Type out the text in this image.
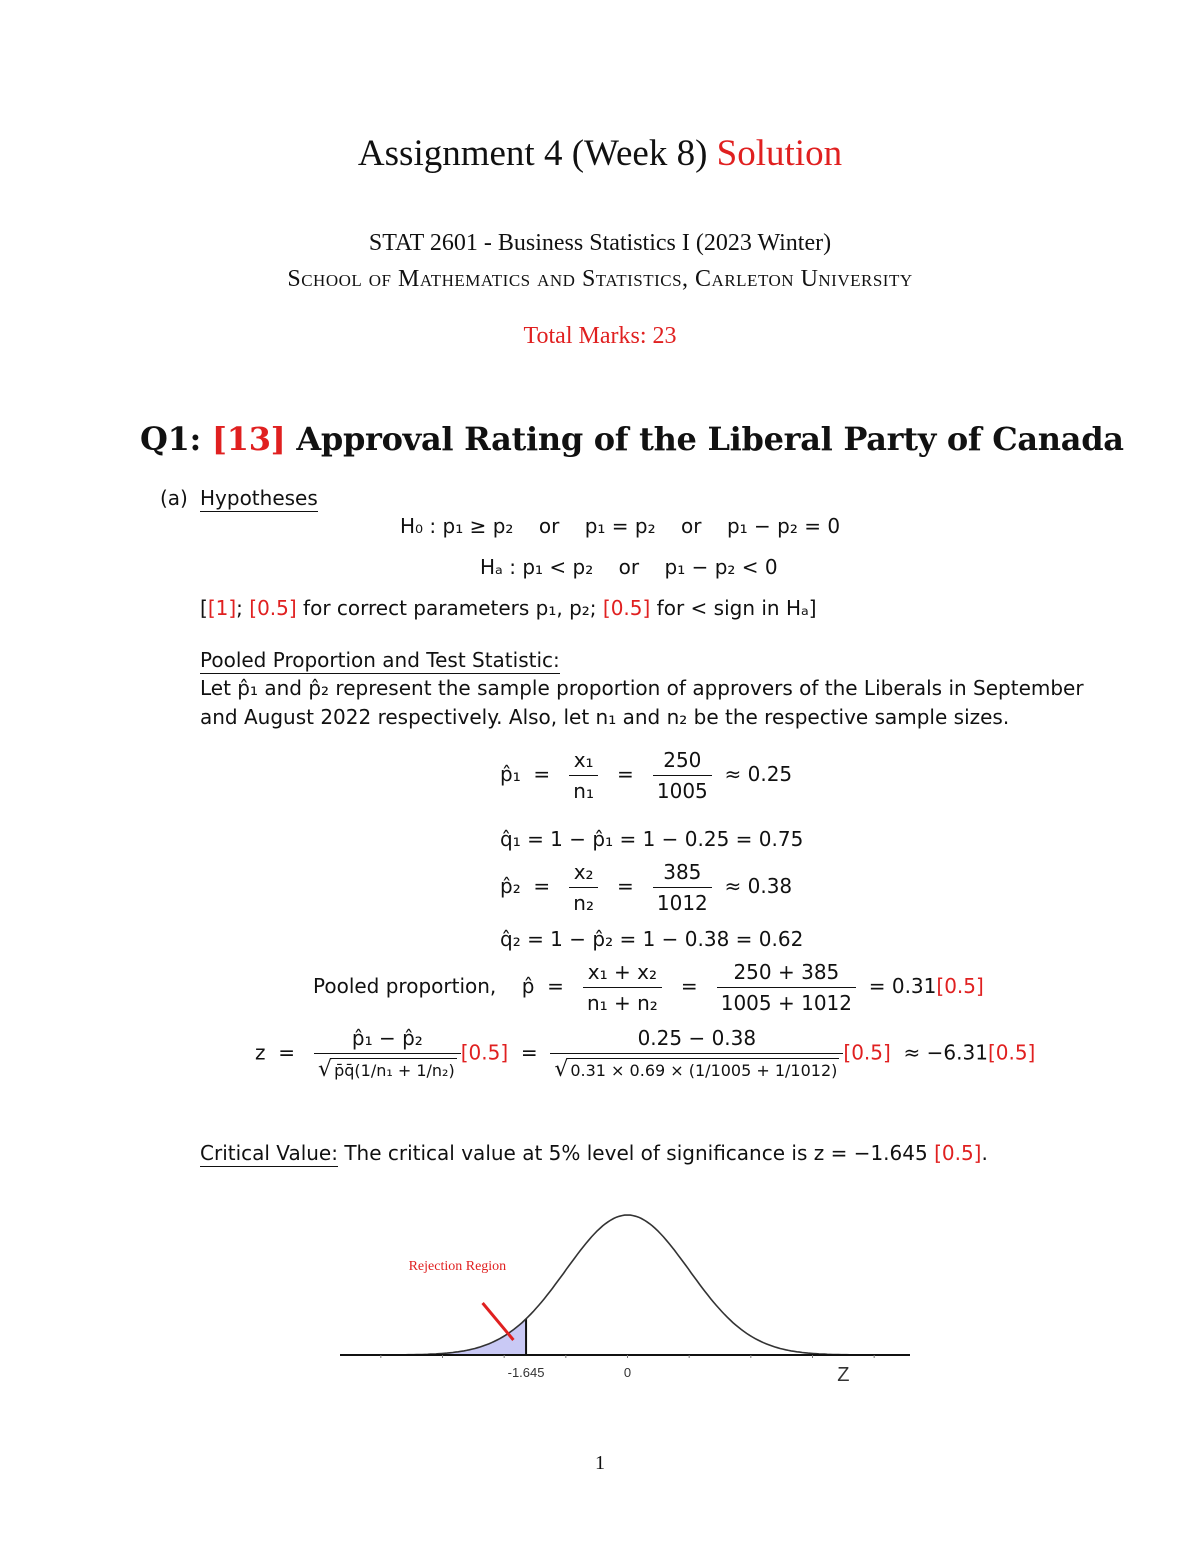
Assignment 4 (Week 8) Solution
STAT 2601 - Business Statistics I (2023 Winter)
School of Mathematics and Statistics, Carleton University
Total Marks: 23
Q1: [13] Approval Rating of the Liberal Party of Canada
(a) Hypotheses
H₀ : p₁ ≥ p₂    or    p₁ = p₂    or    p₁ − p₂ = 0
Hₐ : p₁ < p₂    or    p₁ − p₂ < 0
[[1]; [0.5] for correct parameters p₁, p₂; [0.5] for < sign in Hₐ]
Pooled Proportion and Test Statistic:
Let p̂₁ and p̂₂ represent the sample proportion of approvers of the Liberals in September
and August 2022 respectively. Also, let n₁ and n₂ be the respective sample sizes.
p̂₁  = $\frac{\text{x₁}}{\text{n₁}} = \frac{250}{1005} \approx 0.25$
q̂₁ = 1 − p̂₁ = 1 − 0.25 = 0.75
p̂₂  = $\frac{\text{x₂}}{\text{n₂}} = \frac{385}{1012} \approx 0.38$
q̂₂ = 1 − p̂₂ = 1 − 0.38 = 0.62
Pooled proportion, p̂  = $\frac{\text{x₁ + x₂}}{\text{n₁ + n₂}} = \frac{250 + 385}{1005 + 1012} = 0.31[0.5]$
$z = \frac{\text{p̂₁ − p̂₂}}{\text{√ p̄q̄(1/n₁ + 1/n₂)}} [0.5] = \frac{0.25 - 0.38}{√ 0.31 \times 0.69 \times (1/1005 + 1/1012)} [0.5] \approx -6.31[0.5]$
Critical Value: The critical value at 5% level of significance is z = −1.645 [0.5].
Rejection Region
-1.645	0	Z
1
